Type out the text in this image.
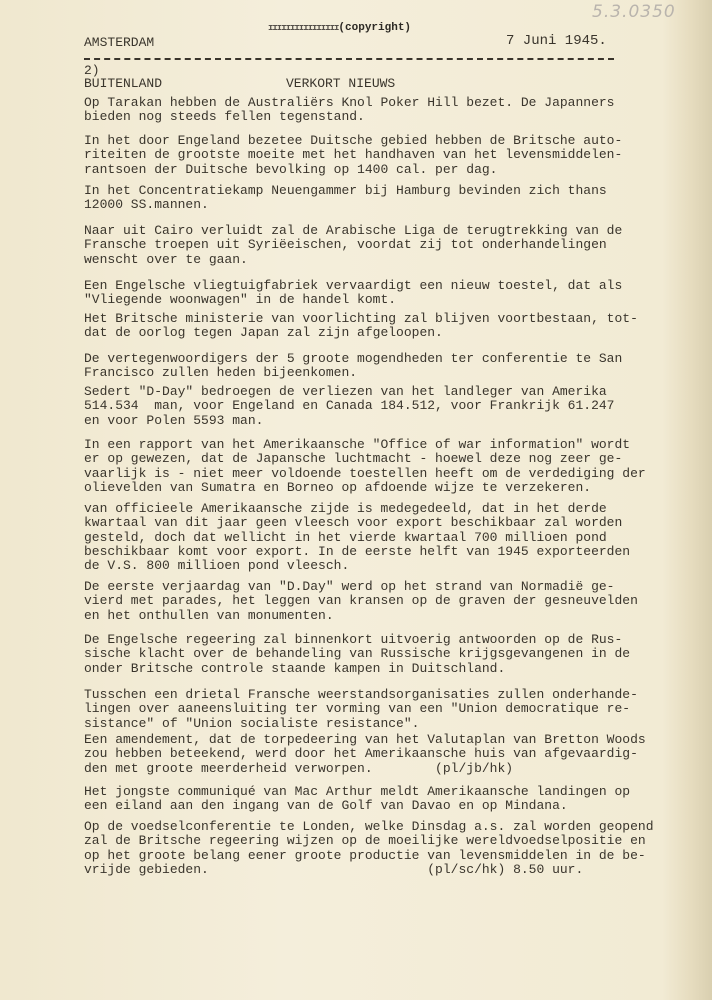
5.3.0350
ɪɪɪɪɪɪɪɪɪɪɪɪɪɪɪɪ(copyright)
AMSTERDAM	7 Juni 1945.
2)
BUITENLAND	VERKORT NIEUWS
Op Tarakan hebben de Australiërs Knol Poker Hill bezet. De Japanners
bieden nog steeds fellen tegenstand.
In het door Engeland bezetee Duitsche gebied hebben de Britsche auto-
riteiten de grootste moeite met het handhaven van het levensmiddelen-
rantsoen der Duitsche bevolking op 1400 cal. per dag.
In het Concentratiekamp Neuengammer bij Hamburg bevinden zich thans
12000 SS.mannen.
Naar uit Cairo verluidt zal de Arabische Liga de terugtrekking van de
Fransche troepen uit Syriëeischen, voordat zij tot onderhandelingen
wenscht over te gaan.
Een Engelsche vliegtuigfabriek vervaardigt een nieuw toestel, dat als
"Vliegende woonwagen" in de handel komt.
Het Britsche ministerie van voorlichting zal blijven voortbestaan, tot-
dat de oorlog tegen Japan zal zijn afgeloopen.
De vertegenwoordigers der 5 groote mogendheden ter conferentie te San
Francisco zullen heden bijeenkomen.
Sedert "D-Day" bedroegen de verliezen van het landleger van Amerika
514.534  man, voor Engeland en Canada 184.512, voor Frankrijk 61.247
en voor Polen 5593 man.
In een rapport van het Amerikaansche "Office of war information" wordt
er op gewezen, dat de Japansche luchtmacht - hoewel deze nog zeer ge-
vaarlijk is - niet meer voldoende toestellen heeft om de verdediging der
olievelden van Sumatra en Borneo op afdoende wijze te verzekeren.
van officieele Amerikaansche zijde is medegedeeld, dat in het derde
kwartaal van dit jaar geen vleesch voor export beschikbaar zal worden
gesteld, doch dat wellicht in het vierde kwartaal 700 millioen pond
beschikbaar komt voor export. In de eerste helft van 1945 exporteerden
de V.S. 800 millioen pond vleesch.
De eerste verjaardag van "D.Day" werd op het strand van Normadië ge-
vierd met parades, het leggen van kransen op de graven der gesneuvelden
en het onthullen van monumenten.
De Engelsche regeering zal binnenkort uitvoerig antwoorden op de Rus-
sische klacht over de behandeling van Russische krijgsgevangenen in de
onder Britsche controle staande kampen in Duitschland.
Tusschen een drietal Fransche weerstandsorganisaties zullen onderhande-
lingen over aaneensluiting ter vorming van een "Union democratique re-
sistance" of "Union socialiste resistance".
Een amendement, dat de torpedeering van het Valutaplan van Bretton Woods
zou hebben beteekend, werd door het Amerikaansche huis van afgevaardig-
den met groote meerderheid verworpen.        (pl/jb/hk)
Het jongste communiqué van Mac Arthur meldt Amerikaansche landingen op
een eiland aan den ingang van de Golf van Davao en op Mindana.
Op de voedselconferentie te Londen, welke Dinsdag a.s. zal worden geopend
zal de Britsche regeering wijzen op de moeilijke wereldvoedselpositie en
op het groote belang eener groote productie van levensmiddelen in de be-
vrijde gebieden.                            (pl/sc/hk) 8.50 uur.
